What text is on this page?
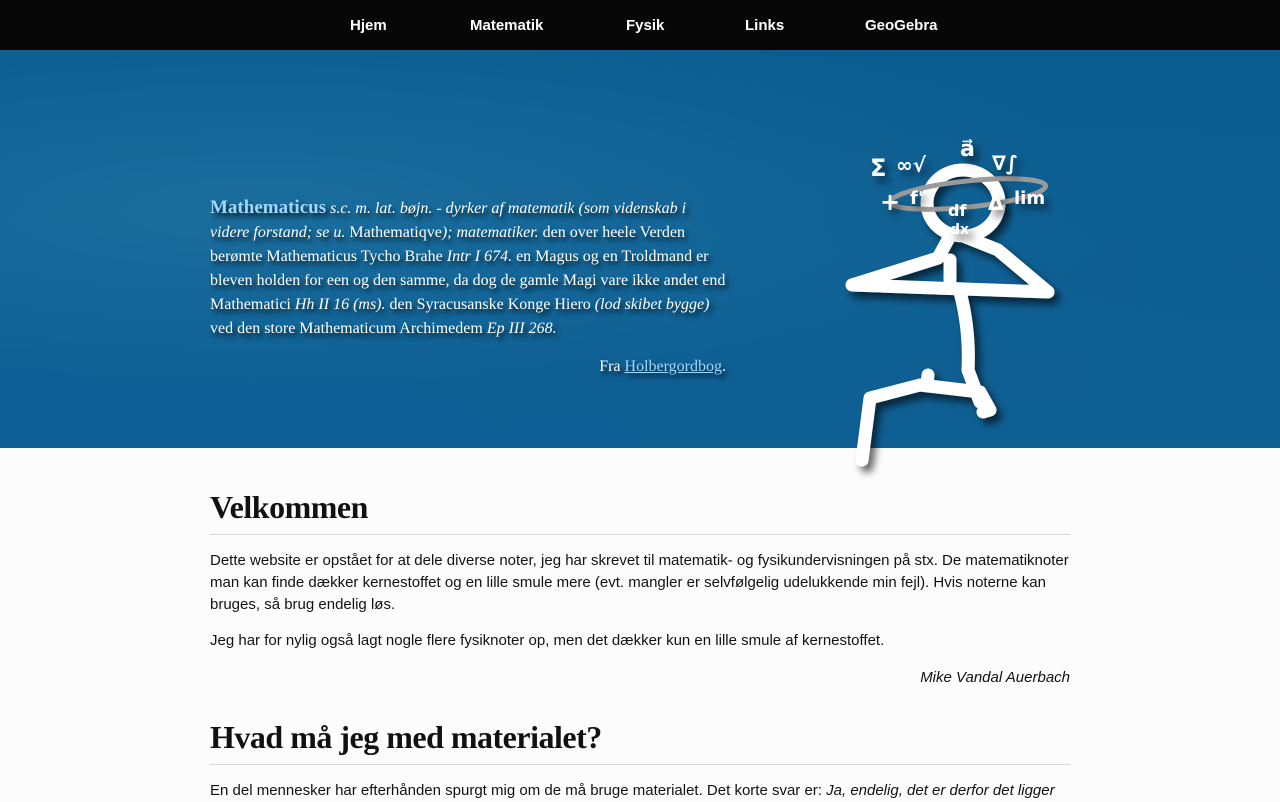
Hjem	Matematik	Fysik	Links	GeoGebra
Mathematicus s.c. m. lat. bøjn. - dyrker af matematik (som videnskab i videre forstand; se u. Mathematiqve); matematiker. den over heele Verden berømte Mathematicus Tycho Brahe Intr I 674. en Magus og en Troldmand er bleven holden for een og den samme, da dog de gamle Magi vare ikke andet end Mathematici Hh II 16 (ms). den Syracusanske Konge Hiero (lod skibet bygge) ved den store Mathematicum Archimedem Ep III 268.
Fra Holbergordbog.
Σ ∞√
a⃗
∇∫
+ f'
df
dx
Δ lim
Velkommen

Dette website er opstået for at dele diverse noter, jeg har skrevet til matematik- og fysikundervisningen på stx. De matematiknoter man kan finde dækker kernestoffet og en lille smule mere (evt. mangler er selvfølgelig udelukkende min fejl). Hvis noterne kan bruges, så brug endelig løs.

Jeg har for nylig også lagt nogle flere fysiknoter op, men det dækker kun en lille smule af kernestoffet.

Mike Vandal Auerbach

Hvad må jeg med materialet?

En del mennesker har efterhånden spurgt mig om de må bruge materialet. Det korte svar er: Ja, endelig, det er derfor det ligger
